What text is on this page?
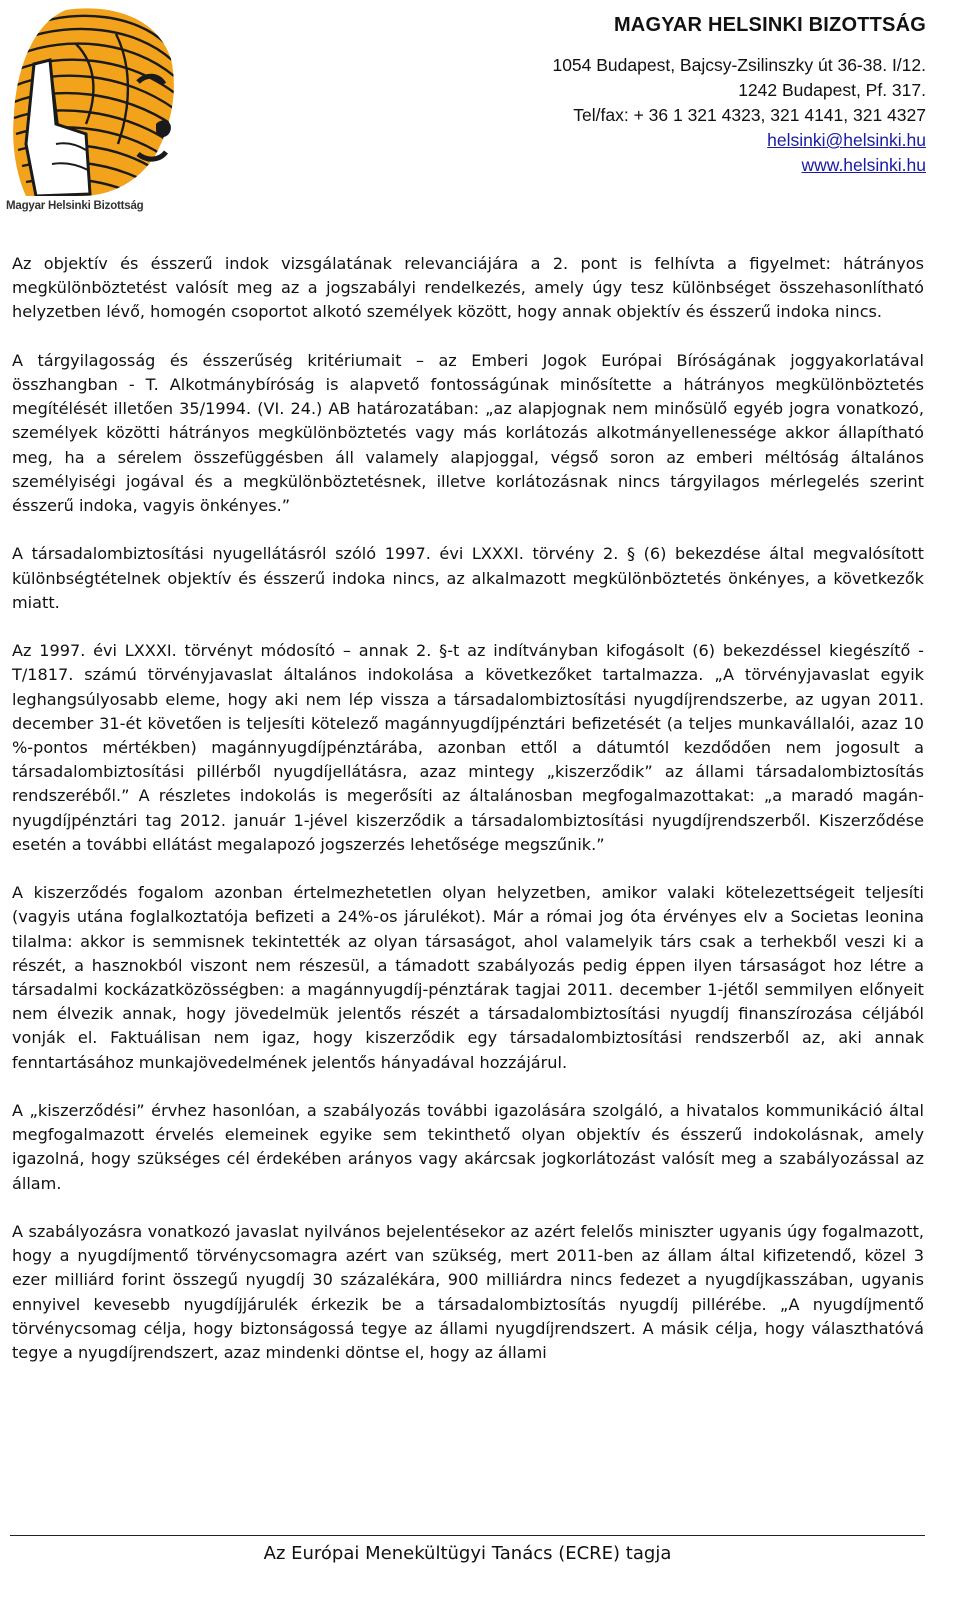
Magyar Helsinki Bizottság
MAGYAR HELSINKI BIZOTTSÁG
1054 Budapest, Bajcsy-Zsilinszky út 36-38. I/12.
1242 Budapest, Pf. 317.
Tel/fax: + 36 1 321 4323, 321 4141, 321 4327
helsinki@helsinki.hu
www.helsinki.hu

Az objektív és ésszerű indok vizsgálatának relevanciájára a 2. pont is felhívta a figyelmet: hátrányos megkülönböztetést valósít meg az a jogszabályi rendelkezés, amely úgy tesz különbséget összehasonlítható helyzetben lévő, homogén csoportot alkotó személyek között, hogy annak objektív és ésszerű indoka nincs.

A tárgyilagosság és ésszerűség kritériumait – az Emberi Jogok Európai Bíróságának joggyakorlatával összhangban - T. Alkotmánybíróság is alapvető fontosságúnak minősítette a hátrányos megkülönböztetés megítélését illetően 35/1994. (VI. 24.) AB határozatában: „az alapjognak nem minősülő egyéb jogra vonatkozó, személyek közötti hátrányos megkülönböztetés vagy más korlátozás alkotmányellenessége akkor állapítható meg, ha a sérelem összefüggésben áll valamely alapjoggal, végső soron az emberi méltóság általános személyiségi jogával és a megkülönböztetésnek, illetve korlátozásnak nincs tárgyilagos mérlegelés szerint ésszerű indoka, vagyis önkényes.”

A társadalombiztosítási nyugellátásról szóló 1997. évi LXXXI. törvény 2. § (6) bekezdése által megvalósított különbségtételnek objektív és ésszerű indoka nincs, az alkalmazott megkülönböztetés önkényes, a következők miatt.

Az 1997. évi LXXXI. törvényt módosító – annak 2. §-t az indítványban kifogásolt (6) bekezdéssel kiegészítő - T/1817. számú törvényjavaslat általános indokolása a következőket tartalmazza. „A törvényjavaslat egyik leghangsúlyosabb eleme, hogy aki nem lép vissza a társadalombiztosítási nyugdíjrendszerbe, az ugyan 2011. december 31-ét követően is teljesíti kötelező magánnyugdíjpénztári befizetését (a teljes munkavállalói, azaz 10 %-pontos mértékben) magánnyugdíjpénztárába, azonban ettől a dátumtól kezdődően nem jogosult a társadalombiztosítási pillérből nyugdíjellátásra, azaz mintegy „kiszerződik” az állami társadalombiztosítás rendszeréből.” A részletes indokolás is megerősíti az általánosban megfogalmazottakat: „a maradó magán-nyugdíjpénztári tag 2012. január 1-jével kiszerződik a társadalombiztosítási nyugdíjrendszerből. Kiszerződése esetén a további ellátást megalapozó jogszerzés lehetősége megszűnik.”

A kiszerződés fogalom azonban értelmezhetetlen olyan helyzetben, amikor valaki kötelezettségeit teljesíti (vagyis utána foglalkoztatója befizeti a 24%-os járulékot). Már a római jog óta érvényes elv a Societas leonina tilalma: akkor is semmisnek tekintették az olyan társaságot, ahol valamelyik társ csak a terhekből veszi ki a részét, a hasznokból viszont nem részesül, a támadott szabályozás pedig éppen ilyen társaságot hoz létre a társadalmi kockázatközösségben: a magánnyugdíj-pénztárak tagjai 2011. december 1-jétől semmilyen előnyeit nem élvezik annak, hogy jövedelmük jelentős részét a társadalombiztosítási nyugdíj finanszírozása céljából vonják el. Faktuálisan nem igaz, hogy kiszerződik egy társadalombiztosítási rendszerből az, aki annak fenntartásához munkajövedelmének jelentős hányadával hozzájárul.

A „kiszerződési” érvhez hasonlóan, a szabályozás további igazolására szolgáló, a hivatalos kommunikáció által megfogalmazott érvelés elemeinek egyike sem tekinthető olyan objektív és ésszerű indokolásnak, amely igazolná, hogy szükséges cél érdekében arányos vagy akárcsak jogkorlátozást valósít meg a szabályozással az állam.

A szabályozásra vonatkozó javaslat nyilvános bejelentésekor az azért felelős miniszter ugyanis úgy fogalmazott, hogy a nyugdíjmentő törvénycsomagra azért van szükség, mert 2011-ben az állam által kifizetendő, közel 3 ezer milliárd forint összegű nyugdíj 30 százalékára, 900 milliárdra nincs fedezet a nyugdíjkasszában, ugyanis ennyivel kevesebb nyugdíjjárulék érkezik be a társadalombiztosítás nyugdíj pillérébe. „A nyugdíjmentő törvénycsomag célja, hogy biztonságossá tegye az állami nyugdíjrendszert. A másik célja, hogy választhatóvá tegye a nyugdíjrendszert, azaz mindenki döntse el, hogy az állami

Az Európai Menekültügyi Tanács (ECRE) tagja
